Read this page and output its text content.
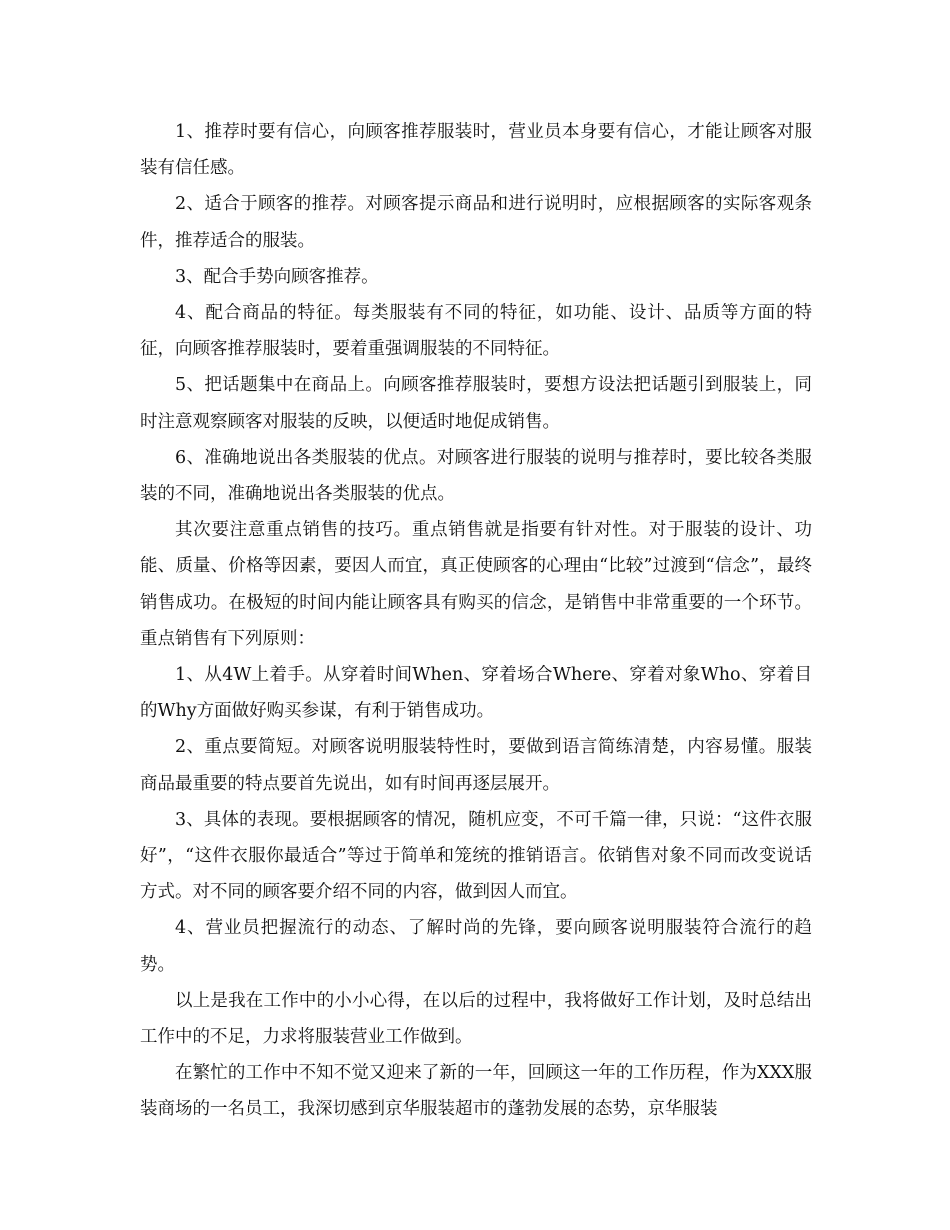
1、推荐时要有信心，向顾客推荐服装时，营业员本身要有信心，才能让顾客对服装有信任感。

2、适合于顾客的推荐。对顾客提示商品和进行说明时，应根据顾客的实际客观条件，推荐适合的服装。

3、配合手势向顾客推荐。

4、配合商品的特征。每类服装有不同的特征，如功能、设计、品质等方面的特征，向顾客推荐服装时，要着重强调服装的不同特征。

5、把话题集中在商品上。向顾客推荐服装时，要想方设法把话题引到服装上，同时注意观察顾客对服装的反映，以便适时地促成销售。

6、准确地说出各类服装的优点。对顾客进行服装的说明与推荐时，要比较各类服装的不同，准确地说出各类服装的优点。

其次要注意重点销售的技巧。重点销售就是指要有针对性。对于服装的设计、功能、质量、价格等因素，要因人而宜，真正使顾客的心理由“比较”过渡到“信念”，最终销售成功。在极短的时间内能让顾客具有购买的信念，是销售中非常重要的一个环节。重点销售有下列原则：

1、从4W上着手。从穿着时间When、穿着场合Where、穿着对象Who、穿着目的Why方面做好购买参谋，有利于销售成功。

2、重点要简短。对顾客说明服装特性时，要做到语言简练清楚，内容易懂。服装商品最重要的特点要首先说出，如有时间再逐层展开。

3、具体的表现。要根据顾客的情况，随机应变，不可千篇一律，只说：“这件衣服好”，“这件衣服你最适合”等过于简单和笼统的推销语言。依销售对象不同而改变说话方式。对不同的顾客要介绍不同的内容，做到因人而宜。

4、营业员把握流行的动态、了解时尚的先锋，要向顾客说明服装符合流行的趋势。

以上是我在工作中的小小心得，在以后的过程中，我将做好工作计划，及时总结出工作中的不足，力求将服装营业工作做到。

在繁忙的工作中不知不觉又迎来了新的一年，回顾这一年的工作历程，作为XXX服装商场的一名员工，我深切感到京华服装超市的蓬勃发展的态势，京华服装
